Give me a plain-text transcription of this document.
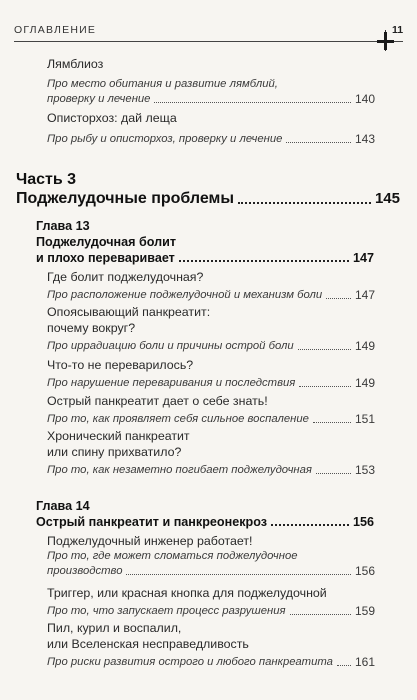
ОГЛАВЛЕНИЕ	11
Лямблиоз
Про место обитания и развитие лямблий,
проверку и лечение	140
Описторхоз: дай леща
Про рыбу и описторхоз, проверку и лечение	143
Часть 3
Поджелудочные проблемы	145
Глава 13
Поджелудочная болит
и плохо переваривает	147
Где болит поджелудочная?
Про расположение поджелудочной и механизм боли	147
Опоясывающий панкреатит:
почему вокруг?
Про иррадиацию боли и причины острой боли	149
Что-то не переварилось?
Про нарушение переваривания и последствия	149
Острый панкреатит дает о себе знать!
Про то, как проявляет себя сильное воспаление	151
Хронический панкреатит
или спину прихватило?
Про то, как незаметно погибает поджелудочная	153
Глава 14
Острый панкреатит и панкреонекроз	156
Поджелудочный инженер работает!
Про то, где может сломаться поджелудочное
производство	156
Триггер, или красная кнопка для поджелудочной
Про то, что запускает процесс разрушения	159
Пил, курил и воспалил,
или Вселенская несправедливость
Про риски развития острого и любого панкреатита 161
